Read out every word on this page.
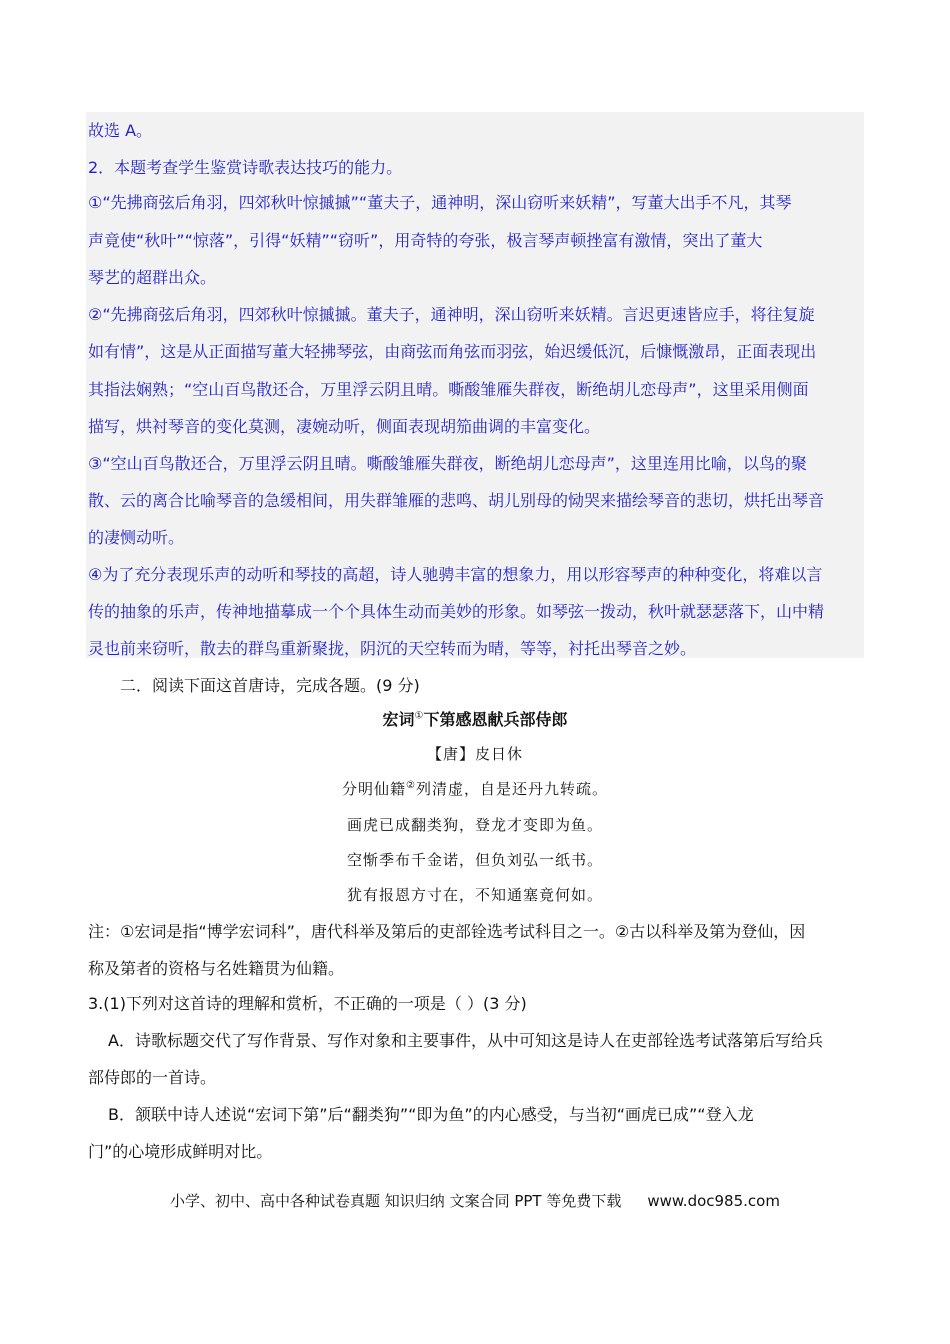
故选 A。
2．本题考查学生鉴赏诗歌表达技巧的能力。
①“先拂商弦后角羽，四郊秋叶惊摵摵”“董夫子，通神明，深山窃听来妖精”，写董大出手不凡，其琴
声竟使“秋叶”“惊落”，引得“妖精”“窃听”，用奇特的夸张，极言琴声顿挫富有激情，突出了董大
琴艺的超群出众。
②“先拂商弦后角羽，四郊秋叶惊摵摵。董夫子，通神明，深山窃听来妖精。言迟更速皆应手，将往复旋
如有情”，这是从正面描写董大轻拂琴弦，由商弦而角弦而羽弦，始迟缓低沉，后慷慨激昂，正面表现出
其指法娴熟；“空山百鸟散还合，万里浮云阴且晴。嘶酸雏雁失群夜，断绝胡儿恋母声”，这里采用侧面
描写，烘衬琴音的变化莫测，凄婉动听，侧面表现胡笳曲调的丰富变化。
③“空山百鸟散还合，万里浮云阴且晴。嘶酸雏雁失群夜，断绝胡儿恋母声”，这里连用比喻，以鸟的聚
散、云的离合比喻琴音的急缓相间，用失群雏雁的悲鸣、胡儿别母的恸哭来描绘琴音的悲切，烘托出琴音
的凄恻动听。
④为了充分表现乐声的动听和琴技的高超，诗人驰骋丰富的想象力，用以形容琴声的种种变化，将难以言
传的抽象的乐声，传神地描摹成一个个具体生动而美妙的形象。如琴弦一拨动，秋叶就瑟瑟落下，山中精
灵也前来窃听，散去的群鸟重新聚拢，阴沉的天空转而为晴，等等，衬托出琴音之妙。
二．阅读下面这首唐诗，完成各题。(9 分)
宏词①下第感恩献兵部侍郎
【唐】皮日休
分明仙籍②列清虚，自是还丹九转疏。
画虎已成翻类狗，登龙才变即为鱼。
空惭季布千金诺，但负刘弘一纸书。
犹有报恩方寸在，不知通塞竟何如。
注：①宏词是指“博学宏词科”，唐代科举及第后的吏部铨选考试科目之一。②古以科举及第为登仙，因
称及第者的资格与名姓籍贯为仙籍。
3.(1)下列对这首诗的理解和赏析，不正确的一项是（ ）(3 分)
A．诗歌标题交代了写作背景、写作对象和主要事件，从中可知这是诗人在吏部铨选考试落第后写给兵
部侍郎的一首诗。
B．颔联中诗人述说“宏词下第”后“翻类狗”“即为鱼”的内心感受，与当初“画虎已成”“登入龙
门”的心境形成鲜明对比。
小学、初中、高中各种试卷真题 知识归纳 文案合同 PPT 等免费下载 www.doc985.com
